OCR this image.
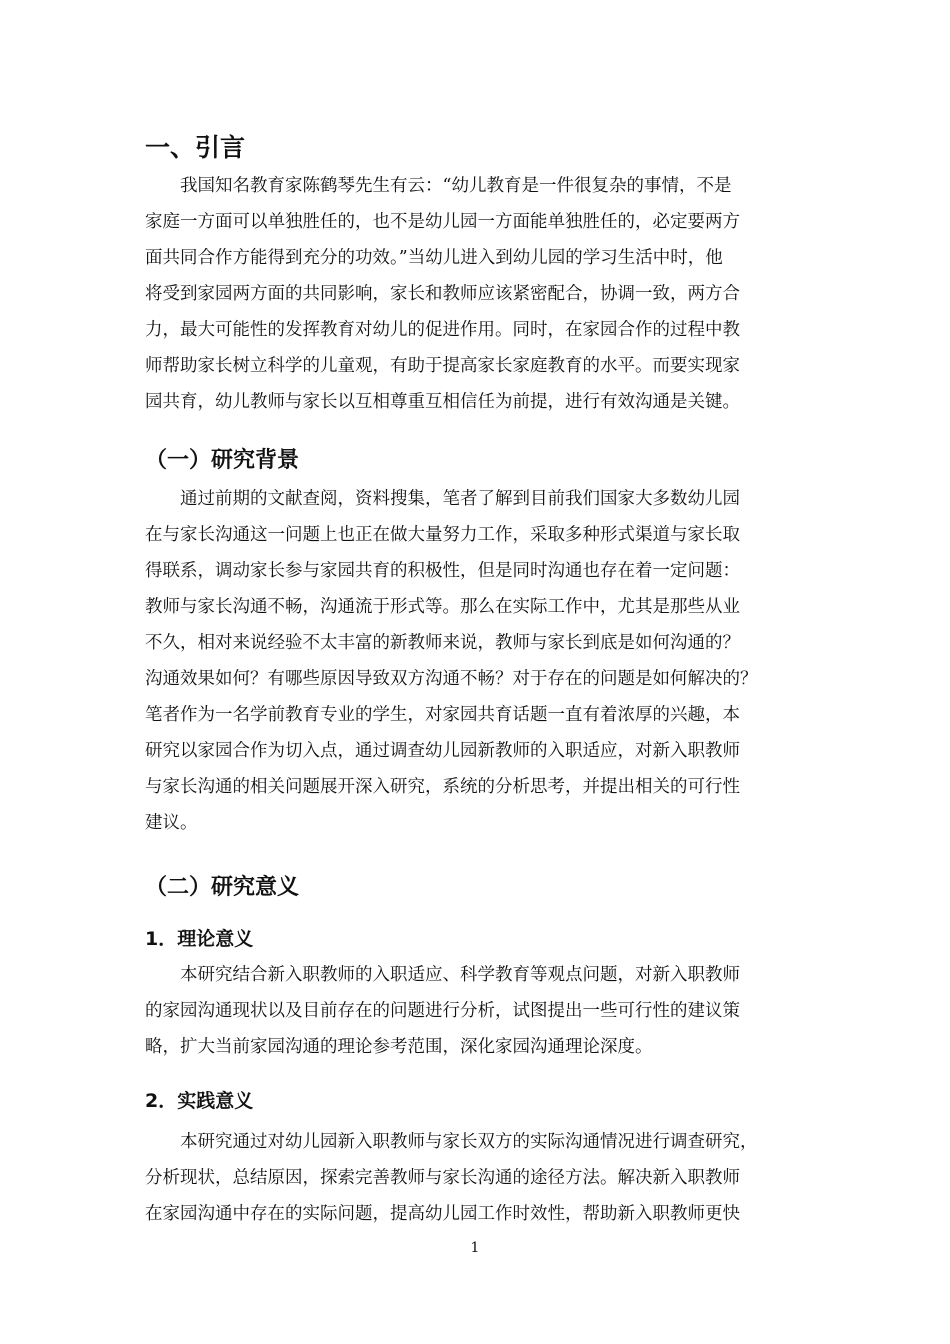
一、引言

我国知名教育家陈鹤琴先生有云：“幼儿教育是一件很复杂的事情，不是
家庭一方面可以单独胜任的，也不是幼儿园一方面能单独胜任的，必定要两方
面共同合作方能得到充分的功效。”当幼儿进入到幼儿园的学习生活中时，他
将受到家园两方面的共同影响，家长和教师应该紧密配合，协调一致，两方合
力，最大可能性的发挥教育对幼儿的促进作用。同时，在家园合作的过程中教
师帮助家长树立科学的儿童观，有助于提高家长家庭教育的水平。而要实现家
园共育，幼儿教师与家长以互相尊重互相信任为前提，进行有效沟通是关键。

（一）研究背景

通过前期的文献查阅，资料搜集，笔者了解到目前我们国家大多数幼儿园
在与家长沟通这一问题上也正在做大量努力工作，采取多种形式渠道与家长取
得联系，调动家长参与家园共育的积极性，但是同时沟通也存在着一定问题：
教师与家长沟通不畅，沟通流于形式等。那么在实际工作中，尤其是那些从业
不久，相对来说经验不太丰富的新教师来说，教师与家长到底是如何沟通的？
沟通效果如何？有哪些原因导致双方沟通不畅？对于存在的问题是如何解决的？
笔者作为一名学前教育专业的学生，对家园共育话题一直有着浓厚的兴趣，本
研究以家园合作为切入点，通过调查幼儿园新教师的入职适应，对新入职教师
与家长沟通的相关问题展开深入研究，系统的分析思考，并提出相关的可行性
建议。

（二）研究意义
1．理论意义

本研究结合新入职教师的入职适应、科学教育等观点问题，对新入职教师
的家园沟通现状以及目前存在的问题进行分析，试图提出一些可行性的建议策
略，扩大当前家园沟通的理论参考范围，深化家园沟通理论深度。

2．实践意义

本研究通过对幼儿园新入职教师与家长双方的实际沟通情况进行调查研究，
分析现状，总结原因，探索完善教师与家长沟通的途径方法。解决新入职教师
在家园沟通中存在的实际问题，提高幼儿园工作时效性，帮助新入职教师更快

1
